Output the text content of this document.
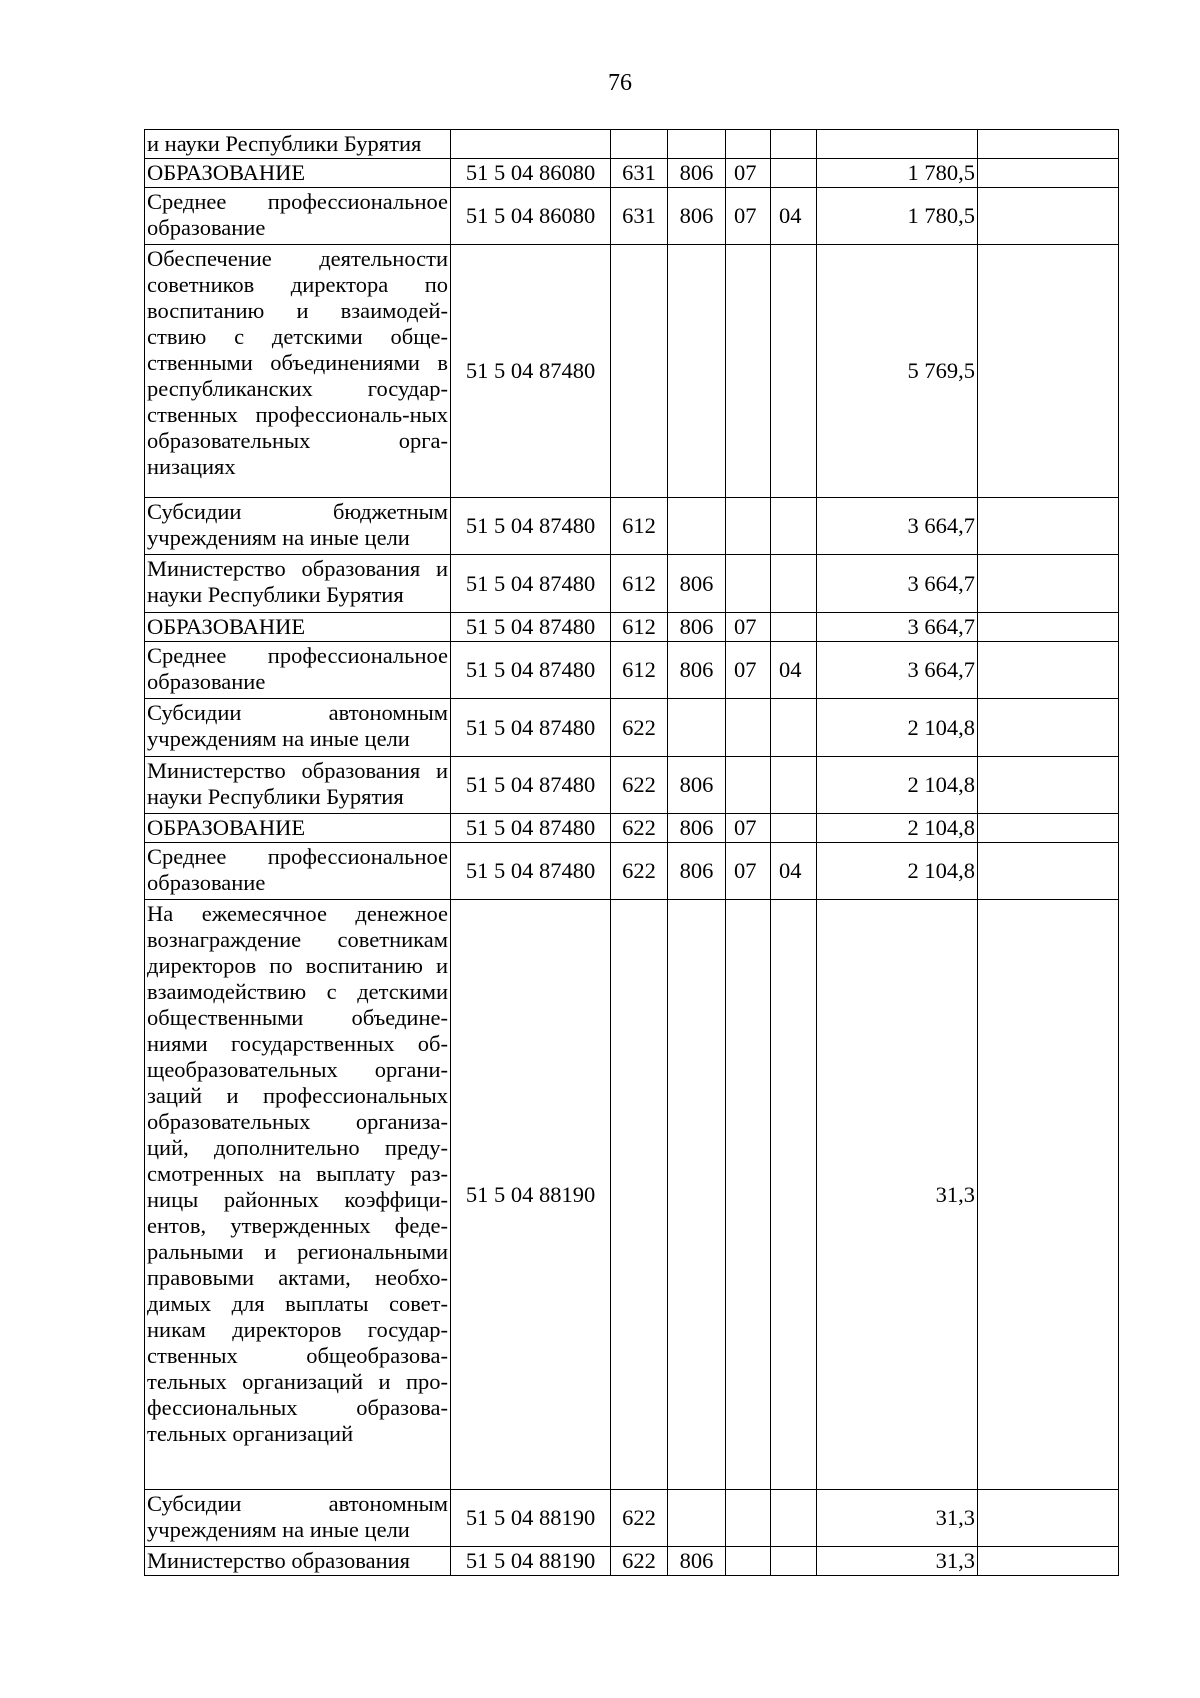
76
и науки Республики Бурятия							
ОБРАЗОВАНИЕ	51 5 04 86080	631	806	07		1 780,5	
Среднее профессиональное образование	51 5 04 86080	631	806	07	04	1 780,5	
Обеспечение деятельности советников директора по воспитанию и взаимодей-ствию с детскими обще-ственными объединениями в республиканских государ-ственных профессиональ-ных образовательных орга-низациях	51 5 04 87480					5 769,5	
Субсидии бюджетным учреждениям на иные цели	51 5 04 87480	612				3 664,7	
Министерство образования и науки Республики Бурятия	51 5 04 87480	612	806			3 664,7	
ОБРАЗОВАНИЕ	51 5 04 87480	612	806	07		3 664,7	
Среднее профессиональное образование	51 5 04 87480	612	806	07	04	3 664,7	
Субсидии автономным учреждениям на иные цели	51 5 04 87480	622				2 104,8	
Министерство образования и науки Республики Бурятия	51 5 04 87480	622	806			2 104,8	
ОБРАЗОВАНИЕ	51 5 04 87480	622	806	07		2 104,8	
Среднее профессиональное образование	51 5 04 87480	622	806	07	04	2 104,8	
На ежемесячное денежное вознаграждение советникам директоров по воспитанию и взаимодействию с детскими общественными объедине-ниями государственных об-щеобразовательных органи-заций и профессиональных образовательных организа-ций, дополнительно преду-смотренных на выплату раз-ницы районных коэффици-ентов, утвержденных феде-ральными и региональными правовыми актами, необхо-димых для выплаты совет-никам директоров государ-ственных общеобразова-тельных организаций и про-фессиональных образова-тельных организаций	51 5 04 88190					31,3	
Субсидии автономным учреждениям на иные цели	51 5 04 88190	622				31,3	
Министерство образования	51 5 04 88190	622	806			31,3	
